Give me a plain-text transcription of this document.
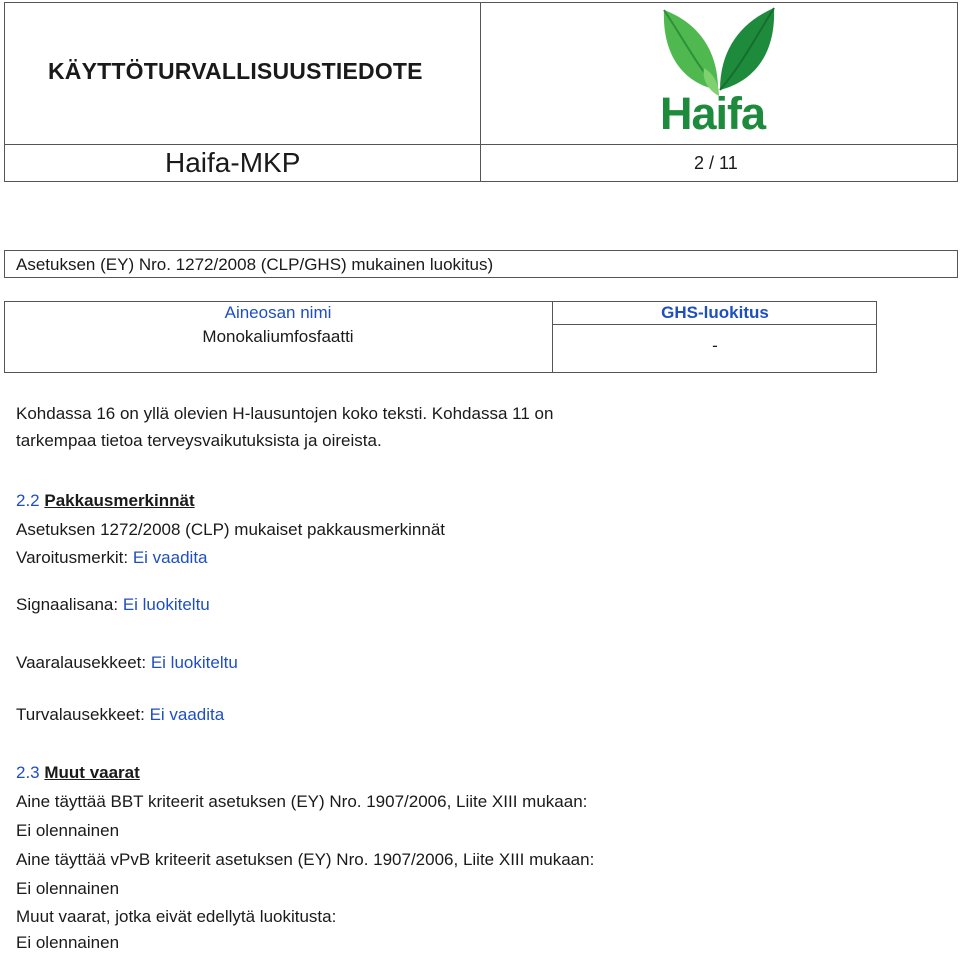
KÄYTTÖTURVALLISUUSTIEDOTE
Haifa-MKP	2 / 11
Haifa
Asetuksen (EY) Nro. 1272/2008 (CLP/GHS) mukainen luokitus)
Aineosan nimi
Monokaliumfosfaatti
GHS-luokitus
-
Kohdassa 16 on yllä olevien H-lausuntojen koko teksti. Kohdassa 11 on
tarkempaa tietoa terveysvaikutuksista ja oireista.
2.2 Pakkausmerkinnät
Asetuksen 1272/2008 (CLP) mukaiset pakkausmerkinnät
Varoitusmerkit: Ei vaadita
Signaalisana: Ei luokiteltu
Vaaralausekkeet: Ei luokiteltu
Turvalausekkeet: Ei vaadita
2.3 Muut vaarat
Aine täyttää BBT kriteerit asetuksen (EY) Nro. 1907/2006, Liite XIII mukaan:
Ei olennainen
Aine täyttää vPvB kriteerit asetuksen (EY) Nro. 1907/2006, Liite XIII mukaan:
Ei olennainen
Muut vaarat, jotka eivät edellytä luokitusta:
Ei olennainen
